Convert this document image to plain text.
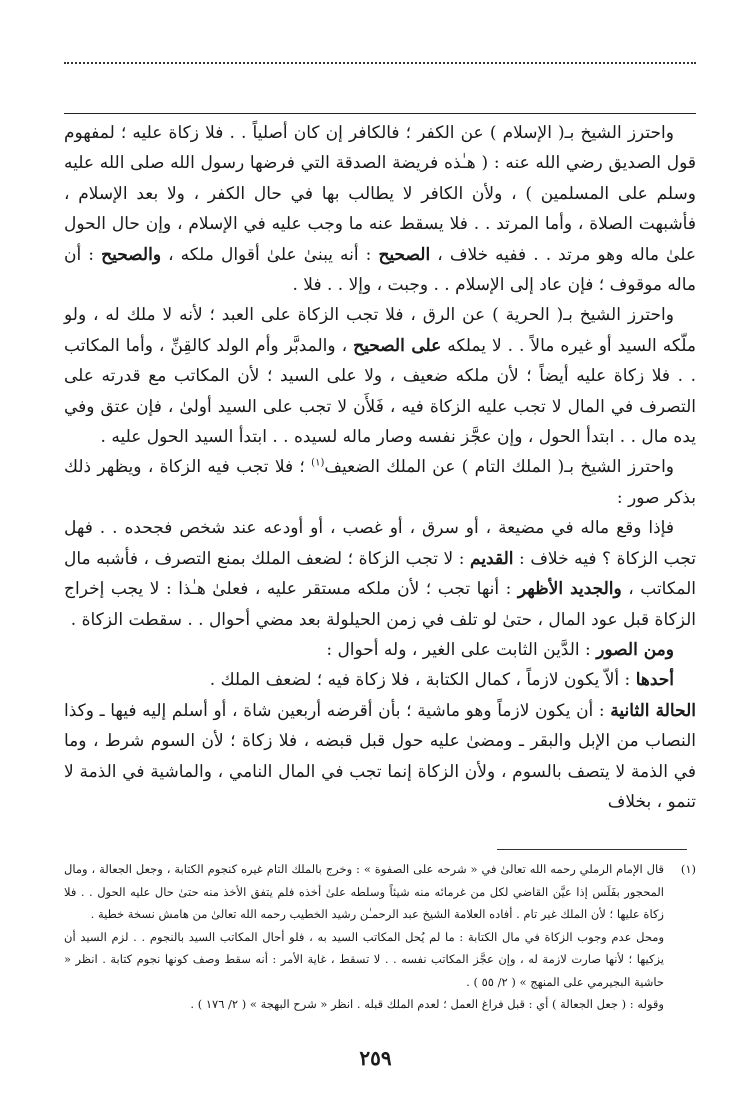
واحترز الشيخ بـ( الإسلام ) عن الكفر ؛ فالكافر إن كان أصلياً . . فلا زكاة عليه ؛ لمفهوم قول الصديق رضي الله عنه : ( هـٰذه فريضة الصدقة التي فرضها رسول الله صلى الله عليه وسلم على المسلمين ) ، ولأن الكافر لا يطالب بها في حال الكفر ، ولا بعد الإسلام ، فأشبهت الصلاة ، وأما المرتد . . فلا يسقط عنه ما وجب عليه في الإسلام ، وإن حال الحول علىٰ ماله وهو مرتد . . ففيه خلاف ، الصحيح : أنه يبنىٰ علىٰ أقوال ملكه ، والصحيح : أن ماله موقوف ؛ فإن عاد إلى الإسلام . . وجبت ، وإلا . . فلا .

واحترز الشيخ بـ( الحرية ) عن الرق ، فلا تجب الزكاة على العبد ؛ لأنه لا ملك له ، ولو ملّكه السيد أو غيره مالاً . . لا يملكه على الصحيح ، والمدبَّر وأم الولد كالقِنِّ ، وأما المكاتب . . فلا زكاة عليه أيضاً ؛ لأن ملكه ضعيف ، ولا على السيد ؛ لأن المكاتب مع قدرته على التصرف في المال لا تجب عليه الزكاة فيه ، فَلأَن لا تجب على السيد أولىٰ ، فإن عتق وفي يده مال . . ابتدأ الحول ، وإن عجَّز نفسه وصار ماله لسيده . . ابتدأ السيد الحول عليه .

واحترز الشيخ بـ( الملك التام ) عن الملك الضعيف$^{(١)}$ ؛ فلا تجب فيه الزكاة ، ويظهر ذلك بذكر صور :

فإذا وقع ماله في مضيعة ، أو سرق ، أو غصب ، أو أودعه عند شخص فجحده . . فهل تجب الزكاة ؟ فيه خلاف : القديم : لا تجب الزكاة ؛ لضعف الملك بمنع التصرف ، فأشبه مال المكاتب ، والجديد الأظهر : أنها تجب ؛ لأن ملكه مستقر عليه ، فعلىٰ هـٰذا : لا يجب إخراج الزكاة قبل عود المال ، حتىٰ لو تلف في زمن الحيلولة بعد مضي أحوال . . سقطت الزكاة .

ومن الصور : الدَّين الثابت على الغير ، وله أحوال :

أحدها : ألاّ يكون لازماً ، كمال الكتابة ، فلا زكاة فيه ؛ لضعف الملك .

الحالة الثانية : أن يكون لازماً وهو ماشية ؛ بأن أقرضه أربعين شاة ، أو أسلم إليه فيها ـ وكذا النصاب من الإبل والبقر ـ ومضىٰ عليه حول قبل قبضه ، فلا زكاة ؛ لأن السوم شرط ، وما في الذمة لا يتصف بالسوم ، ولأن الزكاة إنما تجب في المال النامي ، والماشية في الذمة لا تنمو ، بخلاف

(١)

قال الإمام الرملي رحمه الله تعالىٰ في « شرحه على الصفوة » : وخرج بالملك التام غيره كنجوم الكتابة ، وجعل الجعالة ، ومال المحجور بفَلَس إذا عيَّن القاضي لكل من غرمائه منه شيئاً وسلطه علىٰ أخذه فلم يتفق الأخذ منه حتىٰ حال عليه الحول . . فلا زكاة عليها ؛ لأن الملك غير تام . أفاده العلامة الشيخ عبد الرحمـٰن رشيد الخطيب رحمه الله تعالىٰ من هامش نسخة خطية .

ومحل عدم وجوب الزكاة في مال الكتابة : ما لم يُحل المكاتب السيد به ، فلو أحال المكاتب السيد بالنجوم . . لزم السيد أن يزكيها ؛ لأنها صارت لازمة له ، وإن عجَّز المكاتب نفسه . . لا تسقط ، غاية الأمر : أنه سقط وصف كونها نجوم كتابة . انظر « حاشية البجيرمي على المنهج » ( ٢/ ٥٥ ) .

وقوله : ( جعل الجعالة ) أي : قبل فراغ العمل ؛ لعدم الملك قبله . انظر « شرح البهجة » ( ٢/ ١٧٦ ) .

٢٥٩
